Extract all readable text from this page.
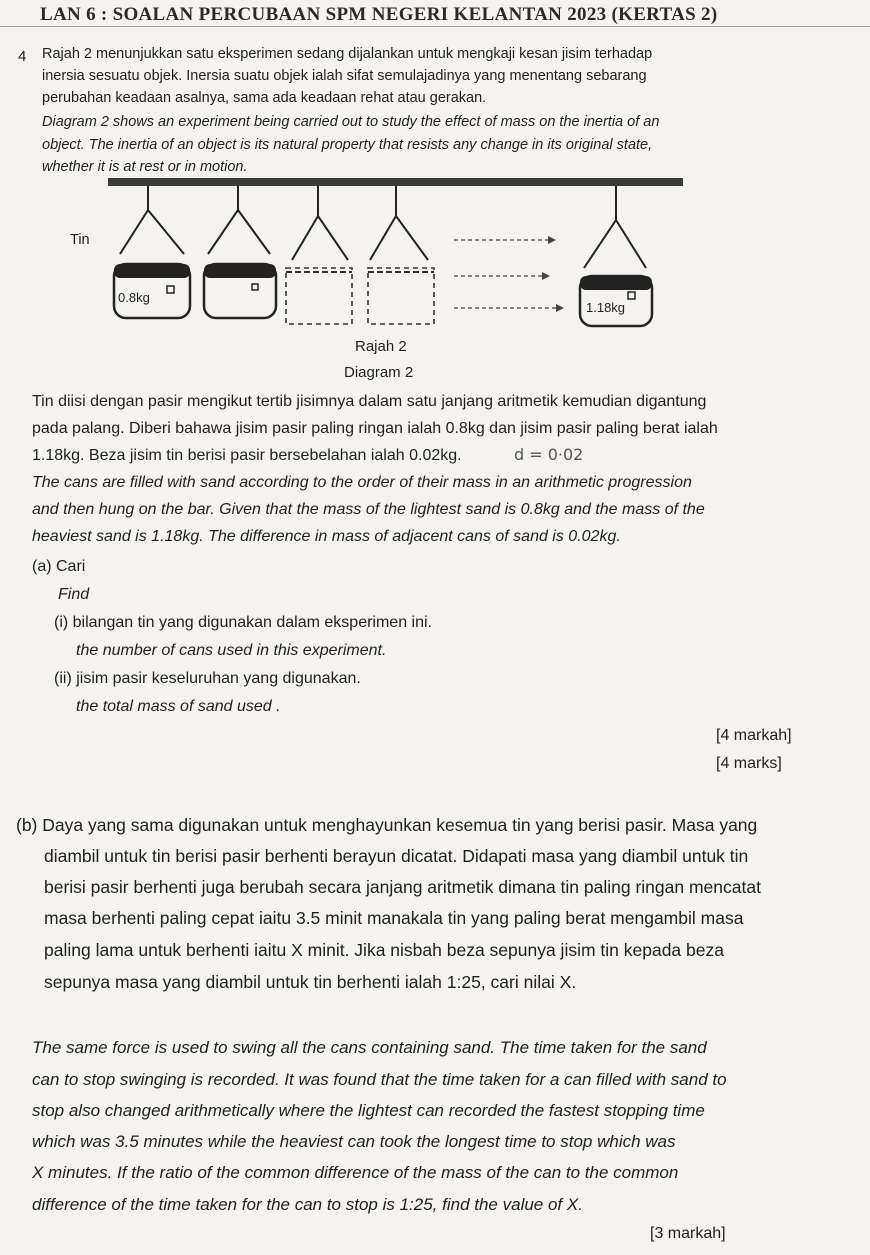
LAN 6 : SOALAN PERCUBAAN SPM NEGERI KELANTAN 2023 (KERTAS 2)
4 Rajah 2 menunjukkan satu eksperimen sedang dijalankan untuk mengkaji kesan jisim terhadap
inersia sesuatu objek. Inersia suatu objek ialah sifat semulajadinya yang menentang sebarang
perubahan keadaan asalnya, sama ada keadaan rehat atau gerakan.
Diagram 2 shows an experiment being carried out to study the effect of mass on the inertia of an
object. The inertia of an object is its natural property that resists any change in its original state,
whether it is at rest or in motion.
Tin
0.8kg
1.18kg
Rajah 2
Diagram 2
Tin diisi dengan pasir mengikut tertib jisimnya dalam satu janjang aritmetik kemudian digantung
pada palang. Diberi bahawa jisim pasir paling ringan ialah 0.8kg dan jisim pasir paling berat ialah
1.18kg. Beza jisim tin berisi pasir bersebelahan ialah 0.02kg.	d = 0·02
The cans are filled with sand according to the order of their mass in an arithmetic progression
and then hung on the bar. Given that the mass of the lightest sand is 0.8kg and the mass of the
heaviest sand is 1.18kg. The difference in mass of adjacent cans of sand is 0.02kg.
(a) Cari
Find
(i) bilangan tin yang digunakan dalam eksperimen ini.
the number of cans used in this experiment.
(ii) jisim pasir keseluruhan yang digunakan.
the total mass of sand used .
[4 markah]
[4 marks]
(b) Daya yang sama digunakan untuk menghayunkan kesemua tin yang berisi pasir. Masa yang
diambil untuk tin berisi pasir berhenti berayun dicatat. Didapati masa yang diambil untuk tin
berisi pasir berhenti juga berubah secara janjang aritmetik dimana tin paling ringan mencatat
masa berhenti paling cepat iaitu 3.5 minit manakala tin yang paling berat mengambil masa
paling lama untuk berhenti iaitu X minit. Jika nisbah beza sepunya jisim tin kepada beza
sepunya masa yang diambil untuk tin berhenti ialah 1:25, cari nilai X.
The same force is used to swing all the cans containing sand. The time taken for the sand
can to stop swinging is recorded. It was found that the time taken for a can filled with sand to
stop also changed arithmetically where the lightest can recorded the fastest stopping time
which was 3.5 minutes while the heaviest can took the longest time to stop which was
X minutes. If the ratio of the common difference of the mass of the can to the common
difference of the time taken for the can to stop is 1:25, find the value of X.
[3 markah]
